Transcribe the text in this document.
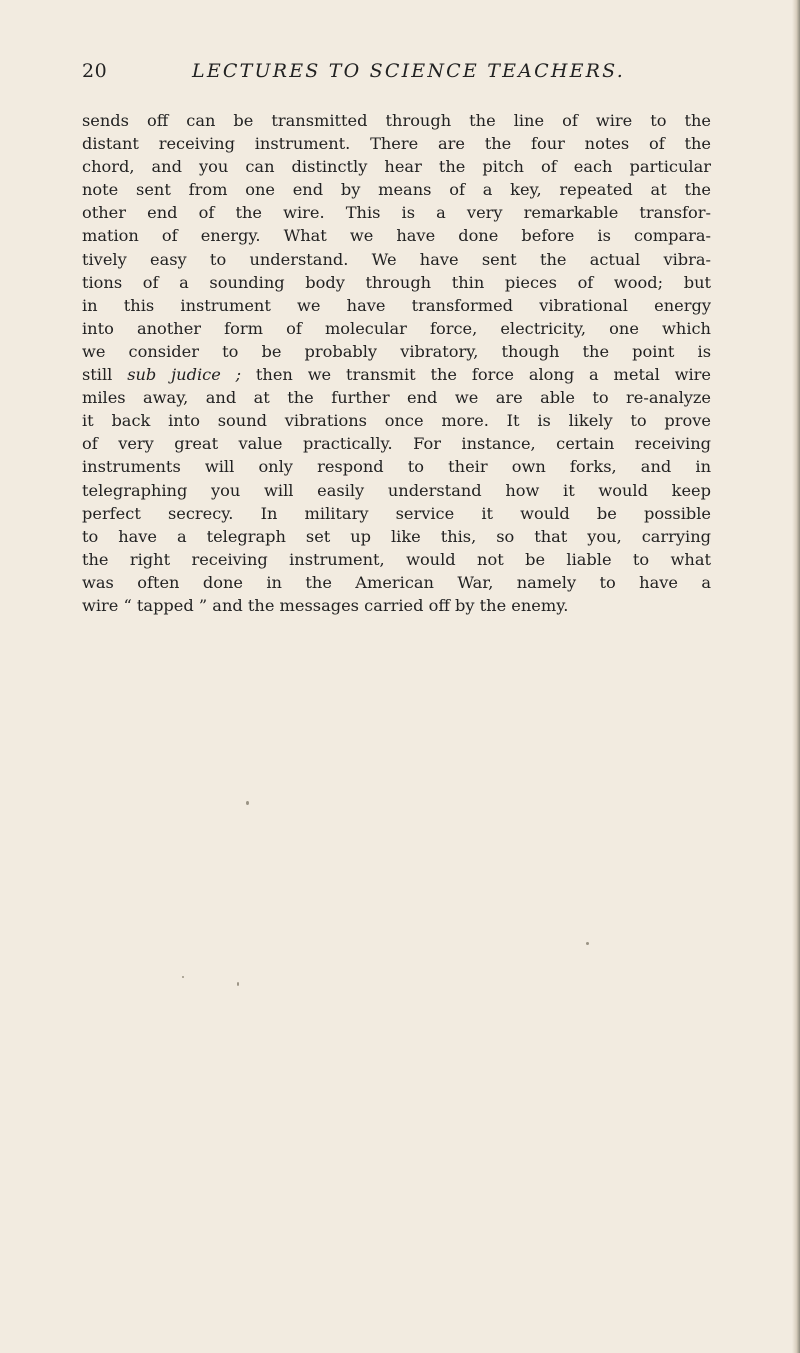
20	LECTURES TO SCIENCE TEACHERS.
sends off can be transmitted through the line of wire to the
distant receiving instrument. There are the four notes of the
chord, and you can distinctly hear the pitch of each particular
note sent from one end by means of a key, repeated at the
other end of the wire. This is a very remarkable transfor-
mation of energy. What we have done before is compara-
tively easy to understand. We have sent the actual vibra-
tions of a sounding body through thin pieces of wood; but
in this instrument we have transformed vibrational energy
into another form of molecular force, electricity, one which
we consider to be probably vibratory, though the point is
still sub judice ; then we transmit the force along a metal wire
miles away, and at the further end we are able to re-analyze
it back into sound vibrations once more. It is likely to prove
of very great value practically. For instance, certain receiving
instruments will only respond to their own forks, and in
telegraphing you will easily understand how it would keep
perfect secrecy. In military service it would be possible
to have a telegraph set up like this, so that you, carrying
the right receiving instrument, would not be liable to what
was often done in the American War, namely to have a
wire “ tapped ” and the messages carried off by the enemy.
